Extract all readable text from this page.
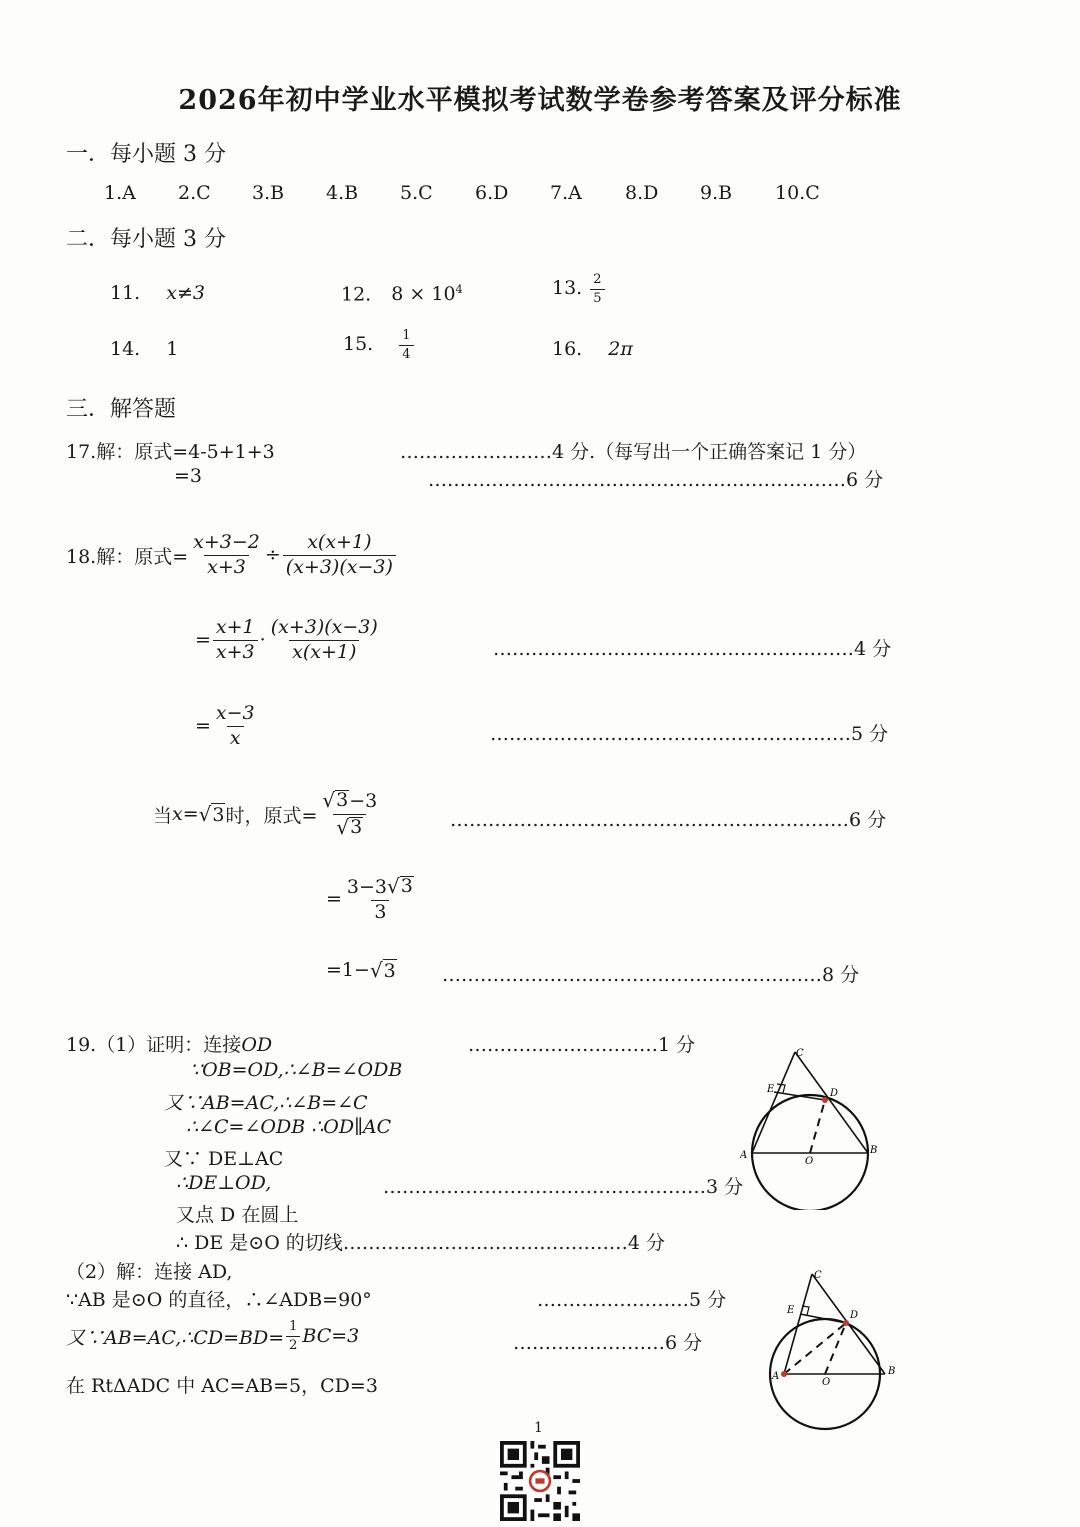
2026年初中学业水平模拟考试数学卷参考答案及评分标准
一．每小题 3 分
1.A 2.C 3.B 4.B 5.C 6.D 7.A 8.D 9.B 10.C
二．每小题 3 分
11. x≠3	12. $8 \times 10^4$	13. $\frac{2}{5}$
14. 1	15. $\frac{1}{4}$	16. 2π
三．解答题
17.解：原式=4-5+1+3	……………………4 分.（每写出一个正确答案记 1 分）
=3	…………………………………………………………6 分
18.解：原式= $\frac{x+3-2}{x+3} \div \frac{x(x+1)}{(x+3)(x-3)}$
= $\frac{x+1}{x+3} \cdot \frac{(x+3)(x-3)}{x(x+1)}$	…………………………………………………4 分
= $\frac{x-3}{x}$	…………………………………………………5 分
当 x = √ 3 时，原式= $\frac{√ 3 -3}{√ 3}$	………………………………………………………6 分
= $\frac{3-3 √ 3}{3}$
=1− √ 3 ……………………………………………………8 分
19.（1）证明：连接OD	…………………………1 分
∵OB=OD,∴∠B=∠ODB
又∵AB=AC,∴∠B=∠C
∴∠C=∠ODB ∴OD∥AC
又∵ DE⊥AC
∴DE⊥OD,	……………………………………………3 分
又点 D 在圆上
∴ DE 是⊙O 的切线………………………………………4 分
（2）解：连接 AD,
∵AB 是⊙O 的直径，∴∠ADB=90°	……………………5 分
又∵AB=AC,∴CD=BD= $\frac{1}{2} BC=3$	……………………6 分
在 RtΔADC 中 AC=AB=5，CD=3
A	B
C
D
E
O
A	B
C
D
E
O
1
